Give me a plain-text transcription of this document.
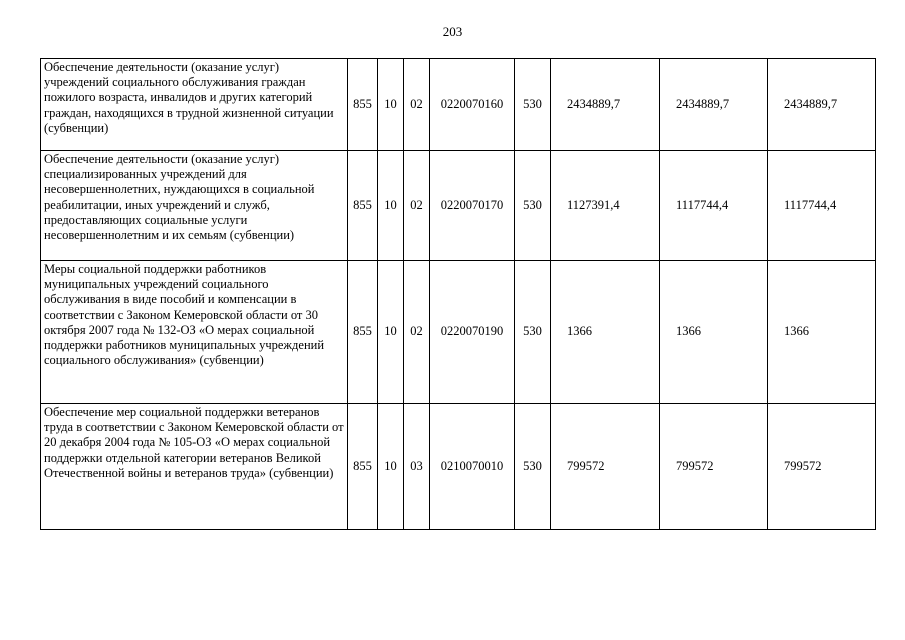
203
Обеспечение деятельности (оказание услуг) учреждений социального обслуживания граждан пожилого возраста, инвалидов и других категорий граждан, находящихся в трудной жизненной ситуации (субвенции)	855	10	02	0220070160	530	2434889,7	2434889,7	2434889,7
Обеспечение деятельности (оказание услуг) специализированных учреждений для несовершеннолетних, нуждающихся в социальной реабилитации, иных учреждений и служб, предоставляющих социальные услуги несовершеннолетним и их семьям (субвенции)	855	10	02	0220070170	530	1127391,4	1117744,4	1117744,4
Меры социальной поддержки работников муниципальных учреждений социального обслуживания в виде пособий и компенсации в соответствии с Законом Кемеровской области от 30 октября 2007 года № 132-ОЗ «О мерах социальной поддержки работников муниципальных учреждений социального обслуживания» (субвенции)	855	10	02	0220070190	530	1366	1366	1366
Обеспечение мер социальной поддержки ветеранов труда в соответствии с Законом Кемеровской области от 20 декабря 2004 года № 105-ОЗ «О мерах социальной поддержки отдельной категории ветеранов Великой Отечественной войны и ветеранов труда» (субвенции)	855	10	03	0210070010	530	799572	799572	799572
